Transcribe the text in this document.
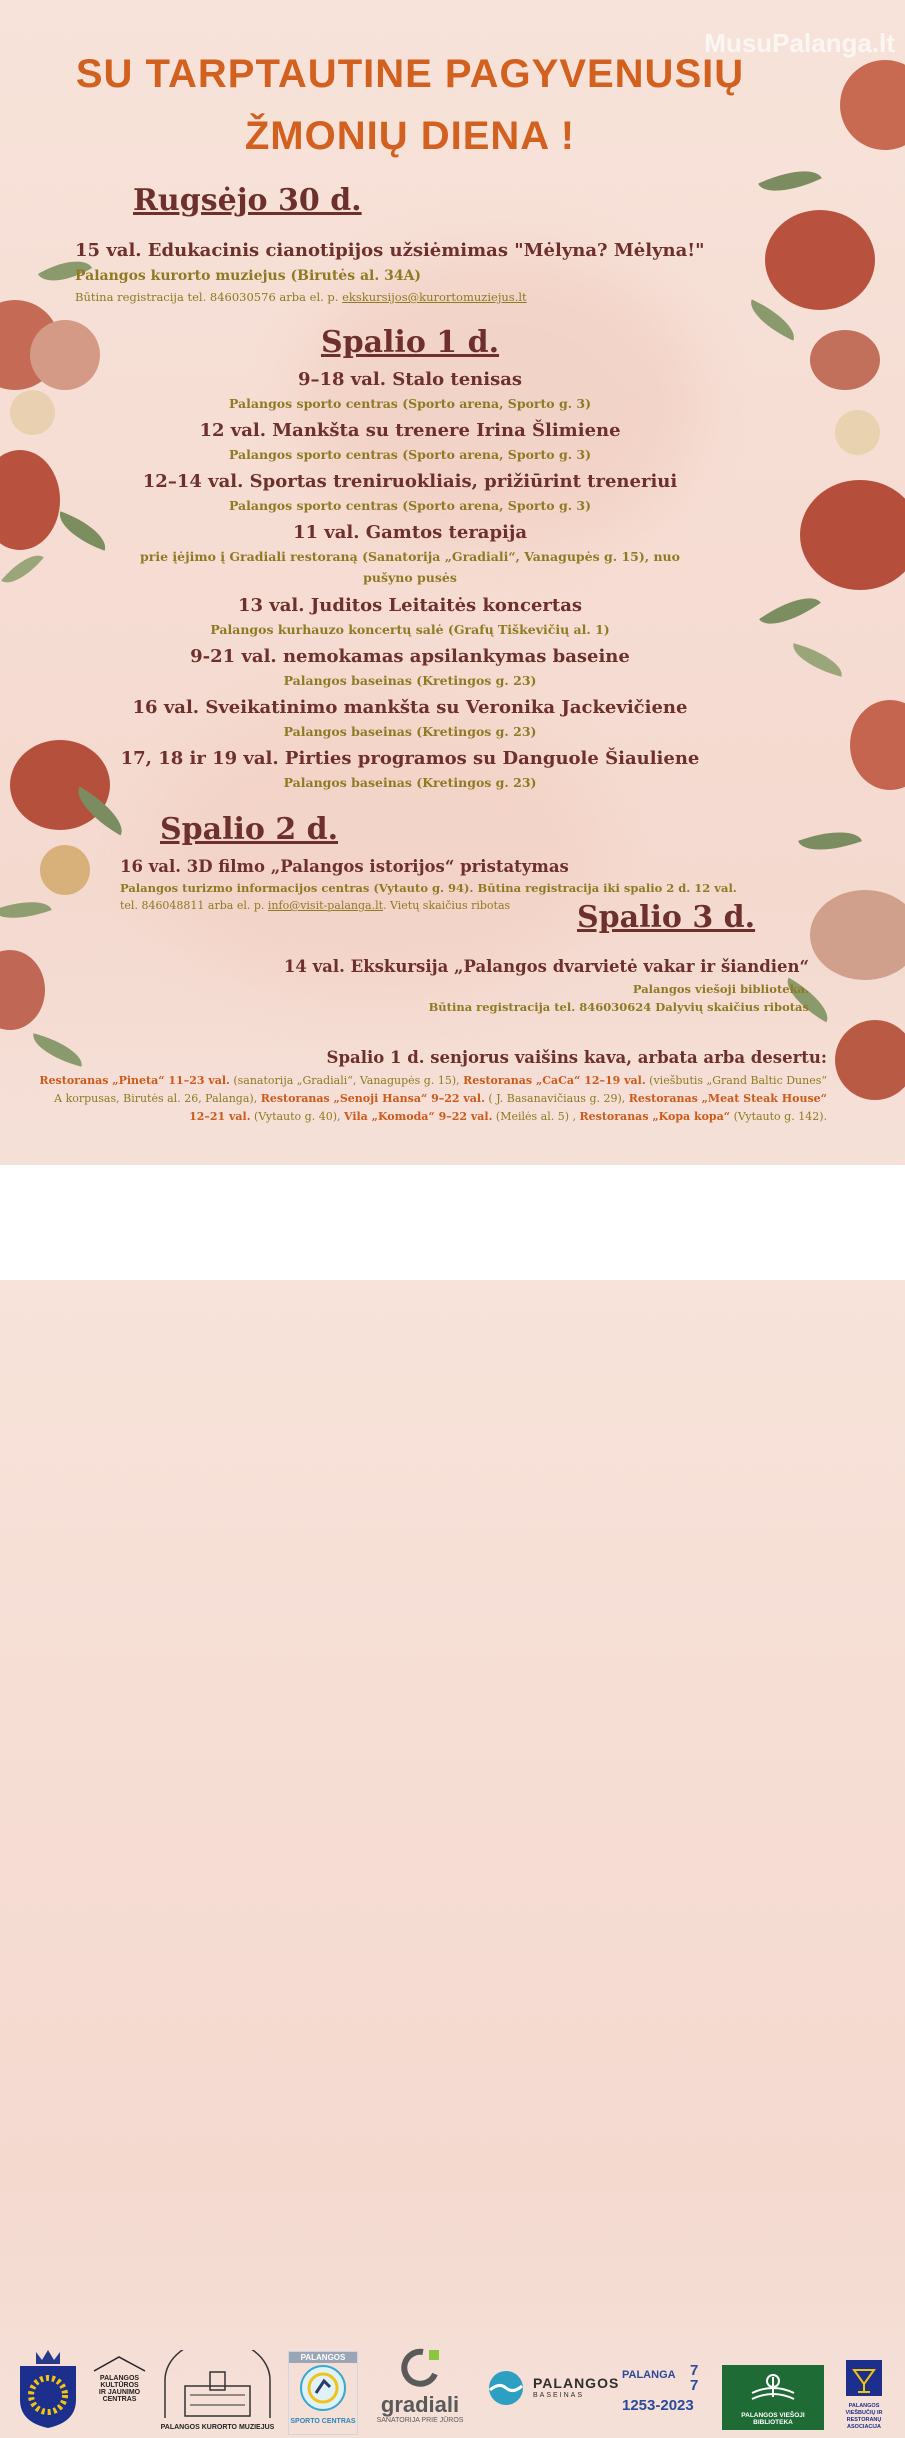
MusuPalanga.lt
SU TARPTAUTINE PAGYVENUSIŲ
ŽMONIŲ DIENA !
Rugsėjo 30 d.
15 val. Edukacinis cianotipijos užsiėmimas "Mėlyna? Mėlyna!"
Palangos kurorto muziejus (Birutės al. 34A)
Būtina registracija tel. 846030576 arba el. p. ekskursijos@kurortomuziejus.lt
Spalio 1 d.
9–18 val. Stalo tenisas
Palangos sporto centras (Sporto arena, Sporto g. 3)
12 val. Mankšta su trenere Irina Šlimiene
Palangos sporto centras (Sporto arena, Sporto g. 3)
12–14 val. Sportas treniruokliais, prižiūrint treneriui
Palangos sporto centras (Sporto arena, Sporto g. 3)
11 val. Gamtos terapija
prie įėjimo į Gradiali restoraną (Sanatorija „Gradiali“, Vanagupės g. 15), nuo
pušyno pusės
13 val. Juditos Leitaitės koncertas
Palangos kurhauzo koncertų salė (Grafų Tiškevičių al. 1)
9-21 val. nemokamas apsilankymas baseine
Palangos baseinas (Kretingos g. 23)
16 val. Sveikatinimo mankšta su Veronika Jackevičiene
Palangos baseinas (Kretingos g. 23)
17, 18 ir 19 val. Pirties programos su Danguole Šiauliene
Palangos baseinas (Kretingos g. 23)
Spalio 2 d.
16 val. 3D filmo „Palangos istorijos“ pristatymas
Palangos turizmo informacijos centras (Vytauto g. 94). Būtina registracija iki spalio 2 d. 12 val.
tel. 846048811 arba el. p. info@visit-palanga.lt. Vietų skaičius ribotas Spalio 3 d.
14 val. Ekskursija „Palangos dvarvietė vakar ir šiandien“
Palangos viešoji biblioteka.
Būtina registracija tel. 846030624 Dalyvių skaičius ribotas
Spalio 1 d. senjorus vaišins kava, arbata arba desertu:
Restoranas „Pineta“ 11–23 val. (sanatorija „Gradiali“, Vanagupės g. 15), Restoranas „CaCa“ 12–19 val. (viešbutis „Grand Baltic Dunes“
A korpusas, Birutės al. 26, Palanga), Restoranas „Senoji Hansa“ 9–22 val. ( J. Basanavičiaus g. 29), Restoranas „Meat Steak House“
12–21 val. (Vytauto g. 40), Vila „Komoda“ 9–22 val. (Meilės al. 5) , Restoranas „Kopa kopa“ (Vytauto g. 142).
PALANGOS
KULTŪROS
IR JAUNIMO
CENTRAS
PALANGOS KURORTO MUZIEJUS
PALANGOS
SPORTO CENTRAS
gradiali
SANATORIJA PRIE JŪROS
PALANGOS
BASEINAS
PALANGA 7 7
1253-2023
PALANGOS VIEŠOJI BIBLIOTEKA
PALANGOS
VIEŠBUČIŲ IR
RESTORANŲ
ASOCIACIJA
